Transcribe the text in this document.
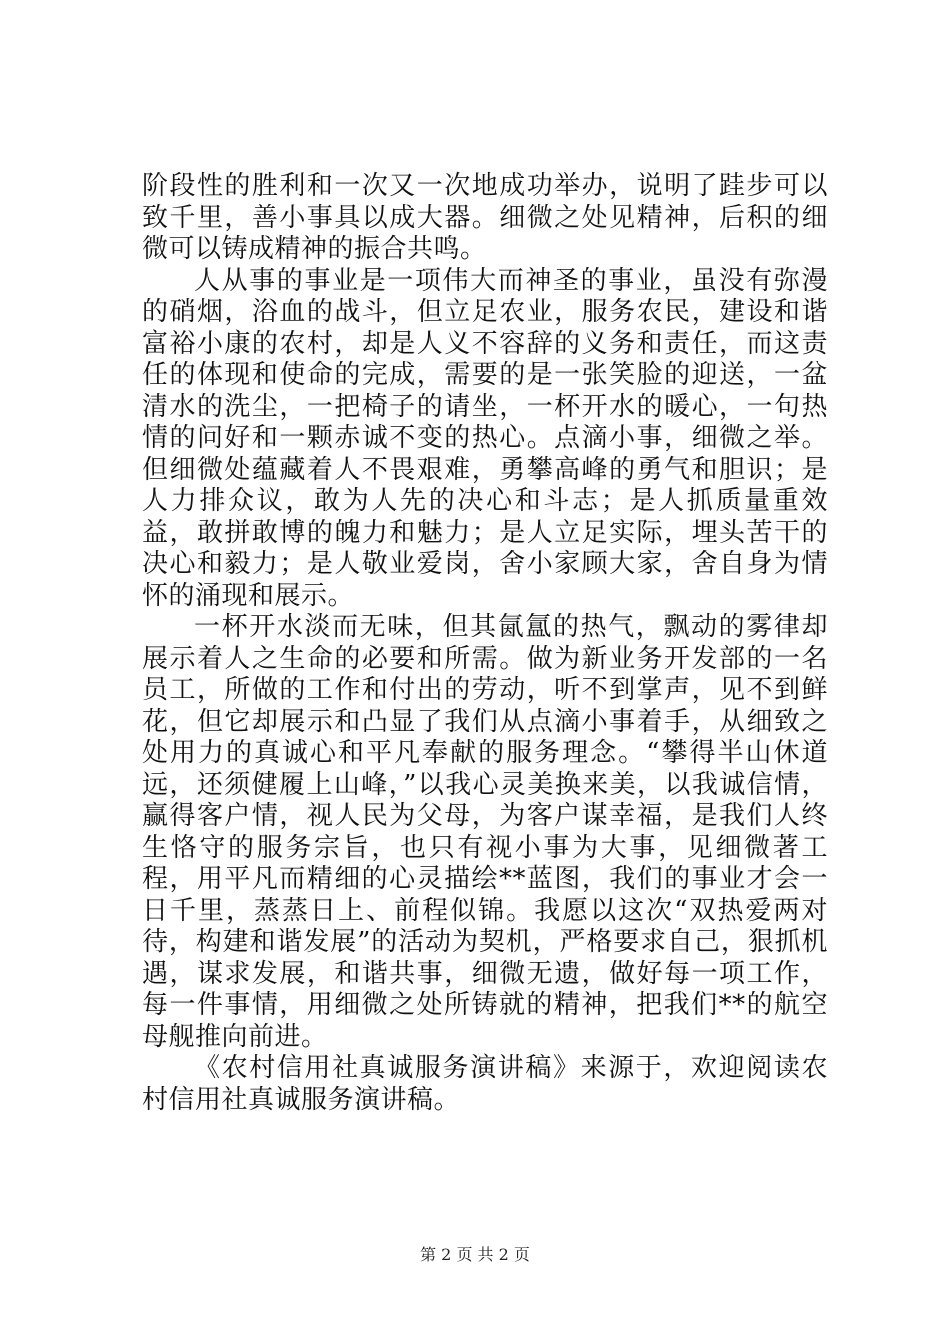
阶段性的胜利和一次又一次地成功举办，说明了跬步可以致千里，善小事具以成大器。细微之处见精神，后积的细微可以铸成精神的振合共鸣。

人从事的事业是一项伟大而神圣的事业，虽没有弥漫的硝烟，浴血的战斗，但立足农业，服务农民，建设和谐富裕小康的农村，却是人义不容辞的义务和责任，而这责任的体现和使命的完成，需要的是一张笑脸的迎送，一盆清水的洗尘，一把椅子的请坐，一杯开水的暖心，一句热情的问好和一颗赤诚不变的热心。点滴小事，细微之举。但细微处蕴藏着人不畏艰难，勇攀高峰的勇气和胆识；是人力排众议，敢为人先的决心和斗志；是人抓质量重效益，敢拼敢博的魄力和魅力；是人立足实际，埋头苦干的决心和毅力；是人敬业爱岗，舍小家顾大家，舍自身为情怀的涌现和展示。

一杯开水淡而无味，但其氤氲的热气，飘动的雾律却展示着人之生命的必要和所需。做为新业务开发部的一名员工，所做的工作和付出的劳动，听不到掌声，见不到鲜花，但它却展示和凸显了我们从点滴小事着手，从细致之处用力的真诚心和平凡奉献的服务理念。“攀得半山休道远，还须健履上山峰，”以我心灵美换来美，以我诚信情，赢得客户情，视人民为父母，为客户谋幸福，是我们人终生恪守的服务宗旨，也只有视小事为大事，见细微著工程，用平凡而精细的心灵描绘**蓝图，我们的事业才会一日千里，蒸蒸日上、前程似锦。我愿以这次“双热爱两对待，构建和谐发展”的活动为契机，严格要求自己，狠抓机遇，谋求发展，和谐共事，细微无遗，做好每一项工作，每一件事情，用细微之处所铸就的精神，把我们**的航空母舰推向前进。

《农村信用社真诚服务演讲稿》来源于，欢迎阅读农村信用社真诚服务演讲稿。

第 2 页 共 2 页
